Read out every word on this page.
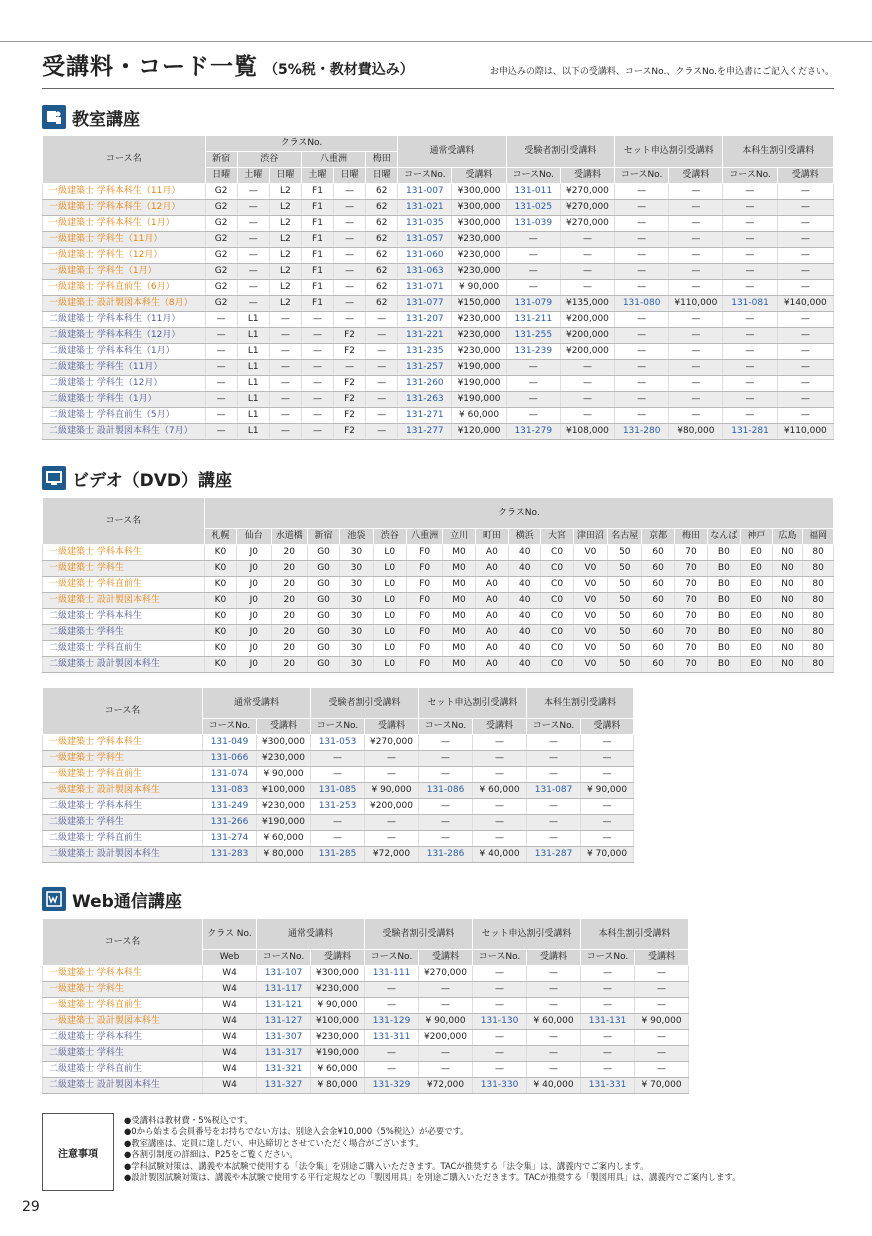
受講料・コード一覧 （5%税・教材費込み）	お申込みの際は、以下の受講料、コースNo.、クラスNo.を申込書にご記入ください。
教室講座
コース名	クラスNo.						通常受講料		受験者割引受講料		セット申込割引受講料		本科生割引受講料	
	新宿	渋谷		八重洲		梅田								
	日曜	土曜	日曜	土曜	日曜	日曜	コースNo.	受講料	コースNo.	受講料	コースNo.	受講料	コースNo.	受講料
一級建築士 学科本科生（11月）	G2	—	L2	F1	—	62	131-007	¥300,000	131-011	¥270,000	—	—	—	—
一級建築士 学科本科生（12月）	G2	—	L2	F1	—	62	131-021	¥300,000	131-025	¥270,000	—	—	—	—
一級建築士 学科本科生（1月）	G2	—	L2	F1	—	62	131-035	¥300,000	131-039	¥270,000	—	—	—	—
一級建築士 学科生（11月）	G2	—	L2	F1	—	62	131-057	¥230,000	—	—	—	—	—	—
一級建築士 学科生（12月）	G2	—	L2	F1	—	62	131-060	¥230,000	—	—	—	—	—	—
一級建築士 学科生（1月）	G2	—	L2	F1	—	62	131-063	¥230,000	—	—	—	—	—	—
一級建築士 学科直前生（6月）	G2	—	L2	F1	—	62	131-071	¥ 90,000	—	—	—	—	—	—
一級建築士 設計製図本科生（8月）	G2	—	L2	F1	—	62	131-077	¥150,000	131-079	¥135,000	131-080	¥110,000	131-081	¥140,000
二級建築士 学科本科生（11月）	—	L1	—	—	—	—	131-207	¥230,000	131-211	¥200,000	—	—	—	—
二級建築士 学科本科生（12月）	—	L1	—	—	F2	—	131-221	¥230,000	131-255	¥200,000	—	—	—	—
二級建築士 学科本科生（1月）	—	L1	—	—	F2	—	131-235	¥230,000	131-239	¥200,000	—	—	—	—
二級建築士 学科生（11月）	—	L1	—	—	—	—	131-257	¥190,000	—	—	—	—	—	—
二級建築士 学科生（12月）	—	L1	—	—	F2	—	131-260	¥190,000	—	—	—	—	—	—
二級建築士 学科生（1月）	—	L1	—	—	F2	—	131-263	¥190,000	—	—	—	—	—	—
二級建築士 学科直前生（5月）	—	L1	—	—	F2	—	131-271	¥ 60,000	—	—	—	—	—	—
二級建築士 設計製図本科生（7月）	—	L1	—	—	F2	—	131-277	¥120,000	131-279	¥108,000	131-280	¥80,000	131-281	¥110,000
ビデオ（DVD）講座
コース名	クラスNo.																		
	札幌	仙台	水道橋	新宿	池袋	渋谷	八重洲	立川	町田	横浜	大宮	津田沼	名古屋	京都	梅田	なんば	神戸	広島	福岡
一級建築士 学科本科生	K0	J0	20	G0	30	L0	F0	M0	A0	40	C0	V0	50	60	70	B0	E0	N0	80
一級建築士 学科生	K0	J0	20	G0	30	L0	F0	M0	A0	40	C0	V0	50	60	70	B0	E0	N0	80
一級建築士 学科直前生	K0	J0	20	G0	30	L0	F0	M0	A0	40	C0	V0	50	60	70	B0	E0	N0	80
一級建築士 設計製図本科生	K0	J0	20	G0	30	L0	F0	M0	A0	40	C0	V0	50	60	70	B0	E0	N0	80
二級建築士 学科本科生	K0	J0	20	G0	30	L0	F0	M0	A0	40	C0	V0	50	60	70	B0	E0	N0	80
二級建築士 学科生	K0	J0	20	G0	30	L0	F0	M0	A0	40	C0	V0	50	60	70	B0	E0	N0	80
二級建築士 学科直前生	K0	J0	20	G0	30	L0	F0	M0	A0	40	C0	V0	50	60	70	B0	E0	N0	80
二級建築士 設計製図本科生	K0	J0	20	G0	30	L0	F0	M0	A0	40	C0	V0	50	60	70	B0	E0	N0	80
コース名	通常受講料		受験者割引受講料		セット申込割引受講料		本科生割引受講料	
	コースNo.	受講料	コースNo.	受講料	コースNo.	受講料	コースNo.	受講料
一級建築士 学科本科生	131-049	¥300,000	131-053	¥270,000	—	—	—	—
一級建築士 学科生	131-066	¥230,000	—	—	—	—	—	—
一級建築士 学科直前生	131-074	¥ 90,000	—	—	—	—	—	—
一級建築士 設計製図本科生	131-083	¥100,000	131-085	¥ 90,000	131-086	¥ 60,000	131-087	¥ 90,000
二級建築士 学科本科生	131-249	¥230,000	131-253	¥200,000	—	—	—	—
二級建築士 学科生	131-266	¥190,000	—	—	—	—	—	—
二級建築士 学科直前生	131-274	¥ 60,000	—	—	—	—	—	—
二級建築士 設計製図本科生	131-283	¥ 80,000	131-285	¥72,000	131-286	¥ 40,000	131-287	¥ 70,000
Web通信講座
コース名	クラス No.	通常受講料		受験者割引受講料		セット申込割引受講料		本科生割引受講料	
	Web	コースNo.	受講料	コースNo.	受講料	コースNo.	受講料	コースNo.	受講料
一級建築士 学科本科生	W4	131-107	¥300,000	131-111	¥270,000	—	—	—	—
一級建築士 学科生	W4	131-117	¥230,000	—	—	—	—	—	—
一級建築士 学科直前生	W4	131-121	¥ 90,000	—	—	—	—	—	—
一級建築士 設計製図本科生	W4	131-127	¥100,000	131-129	¥ 90,000	131-130	¥ 60,000	131-131	¥ 90,000
二級建築士 学科本科生	W4	131-307	¥230,000	131-311	¥200,000	—	—	—	—
二級建築士 学科生	W4	131-317	¥190,000	—	—	—	—	—	—
二級建築士 学科直前生	W4	131-321	¥ 60,000	—	—	—	—	—	—
二級建築士 設計製図本科生	W4	131-327	¥ 80,000	131-329	¥72,000	131-330	¥ 40,000	131-331	¥ 70,000
注意事項
●受講料は教材費・5%税込です。
●0から始まる会員番号をお持ちでない方は、別途入会金¥10,000（5%税込）が必要です。
●教室講座は、定員に達しだい、申込締切とさせていただく場合がございます。
●各割引制度の詳細は、P25をご覧ください。
●学科試験対策は、講義や本試験で使用する「法令集」を別途ご購入いただきます。TACが推奨する「法令集」は、講義内でご案内します。
●設計製図試験対策は、講義や本試験で使用する平行定規などの「製図用具」を別途ご購入いただきます。TACが推奨する「製図用具」は、講義内でご案内します。
29
